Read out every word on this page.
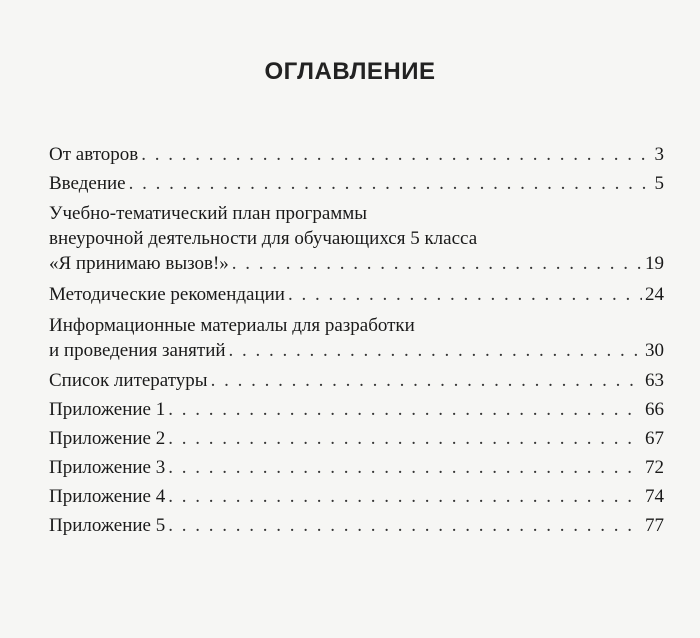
ОГЛАВЛЕНИЕ
От авторов . . .	3
Введение . . .	5
Учебно-тематический план программы
внеурочной деятельности для обучающихся 5 класса
«Я принимаю вызов!» . . .	19
Методические рекомендации . . .	24
Информационные материалы для разработки
и проведения занятий . . .	30
Список литературы . . .	63
Приложение 1 . . .	66
Приложение 2 . . .	67
Приложение 3 . . .	72
Приложение 4 . . .	74
Приложение 5 . . .	77
